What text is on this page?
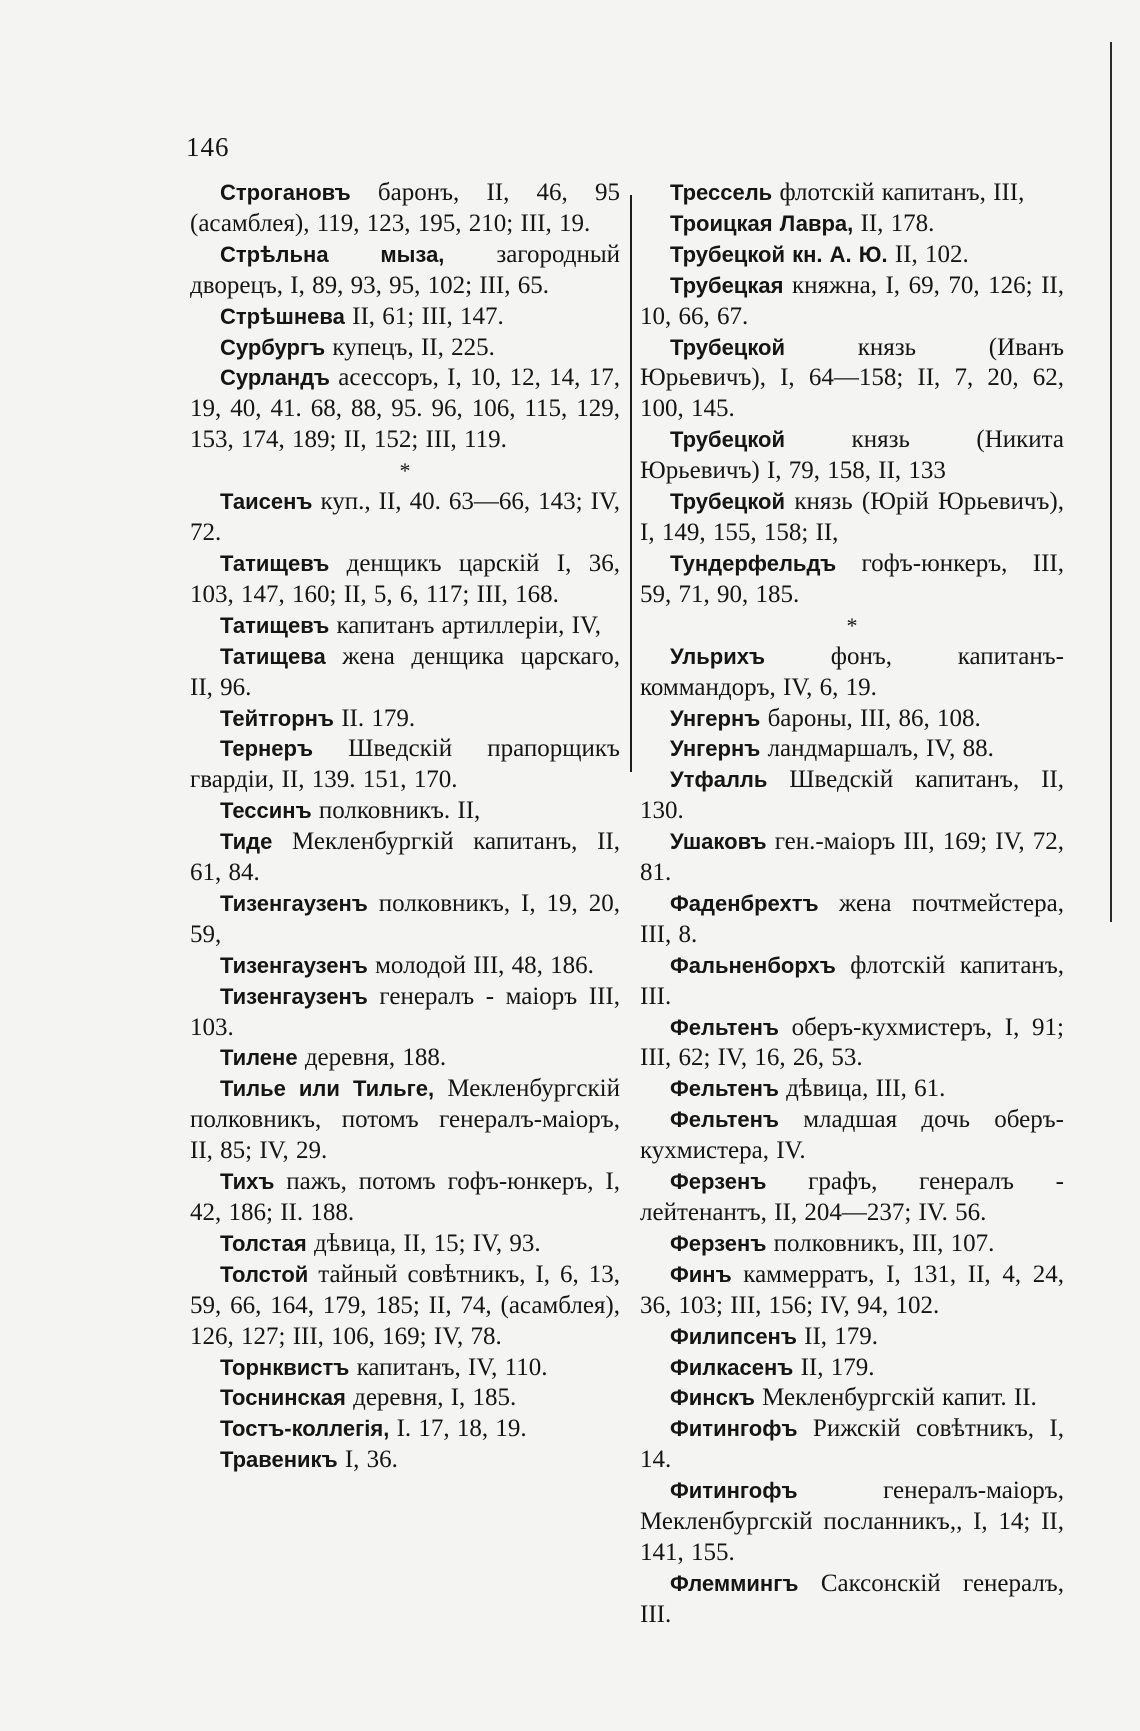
146

Строгановъ баронъ, II, 46, 95 (асамблея), 119, 123, 195, 210; III, 19.

Стрѣльна мыза, загородный дворецъ, I, 89, 93, 95, 102; III, 65.

Стрѣшнева II, 61; III, 147.

Сурбургъ купецъ, II, 225.

Сурландъ асессоръ, I, 10, 12, 14, 17, 19, 40, 41. 68, 88, 95. 96, 106, 115, 129, 153, 174, 189; II, 152; III, 119.

*

Таисенъ куп., II, 40. 63—66, 143; IV, 72.

Татищевъ денщикъ царскій I, 36, 103, 147, 160; II, 5, 6, 117; III, 168.

Татищевъ капитанъ артиллеріи, IV,

Татищева жена денщика царскаго, II, 96.

Тейтгорнъ II. 179.

Тернеръ Шведскій прапорщикъ гвардіи, II, 139. 151, 170.

Тессинъ полковникъ. II,

Тиде Мекленбургкій капитанъ, II, 61, 84.

Тизенгаузенъ полковникъ, I, 19, 20, 59,

Тизенгаузенъ молодой III, 48, 186.

Тизенгаузенъ генералъ - маіоръ III, 103.

Тилене деревня, 188.

Тилье или Тильге, Мекленбургскій полковникъ, потомъ генералъ-маіоръ, II, 85; IV, 29.

Тихъ пажъ, потомъ гофъ-юнкеръ, I, 42, 186; II. 188.

Толстая дѣвица, II, 15; IV, 93.

Толстой тайный совѣтникъ, I, 6, 13, 59, 66, 164, 179, 185; II, 74, (асамблея), 126, 127; III, 106, 169; IV, 78.

Торнквистъ капитанъ, IV, 110.

Тоснинская деревня, I, 185.

Тостъ-коллегія, I. 17, 18, 19.

Травеникъ I, 36.

Трессель флотскій капитанъ, III,

Троицкая Лавра, II, 178.

Трубецкой кн. А. Ю. II, 102.

Трубецкая княжна, I, 69, 70, 126; II, 10, 66, 67.

Трубецкой князь (Иванъ Юрьевичъ), I, 64—158; II, 7, 20, 62, 100, 145.

Трубецкой князь (Никита Юрьевичъ) I, 79, 158, II, 133

Трубецкой князь (Юрій Юрьевичъ), I, 149, 155, 158; II,

Тундерфельдъ гофъ-юнкеръ, III, 59, 71, 90, 185.

*

Ульрихъ фонъ, капитанъ-коммандоръ, IV, 6, 19.

Унгернъ бароны, III, 86, 108.

Унгернъ ландмаршалъ, IV, 88.

Утфалль Шведскій капитанъ, II, 130.

Ушаковъ ген.-маіоръ III, 169; IV, 72, 81.

Фаденбрехтъ жена почтмейстера, III, 8.

Фальненборхъ флотскій капитанъ, III.

Фельтенъ оберъ-кухмистеръ, I, 91; III, 62; IV, 16, 26, 53.

Фельтенъ дѣвица, III, 61.

Фельтенъ младшая дочь оберъ-кухмистера, IV.

Ферзенъ графъ, генералъ - лейтенантъ, II, 204—237; IV. 56.

Ферзенъ полковникъ, III, 107.

Финъ каммерратъ, I, 131, II, 4, 24, 36, 103; III, 156; IV, 94, 102.

Филипсенъ II, 179.

Филкасенъ II, 179.

Финскъ Мекленбургскій капит. II.

Фитингофъ Рижскій совѣтникъ, I, 14.

Фитингофъ генералъ-маіоръ, Мекленбургскій посланникъ,, I, 14; II, 141, 155.

Флеммингъ Саксонскій генералъ, III.
